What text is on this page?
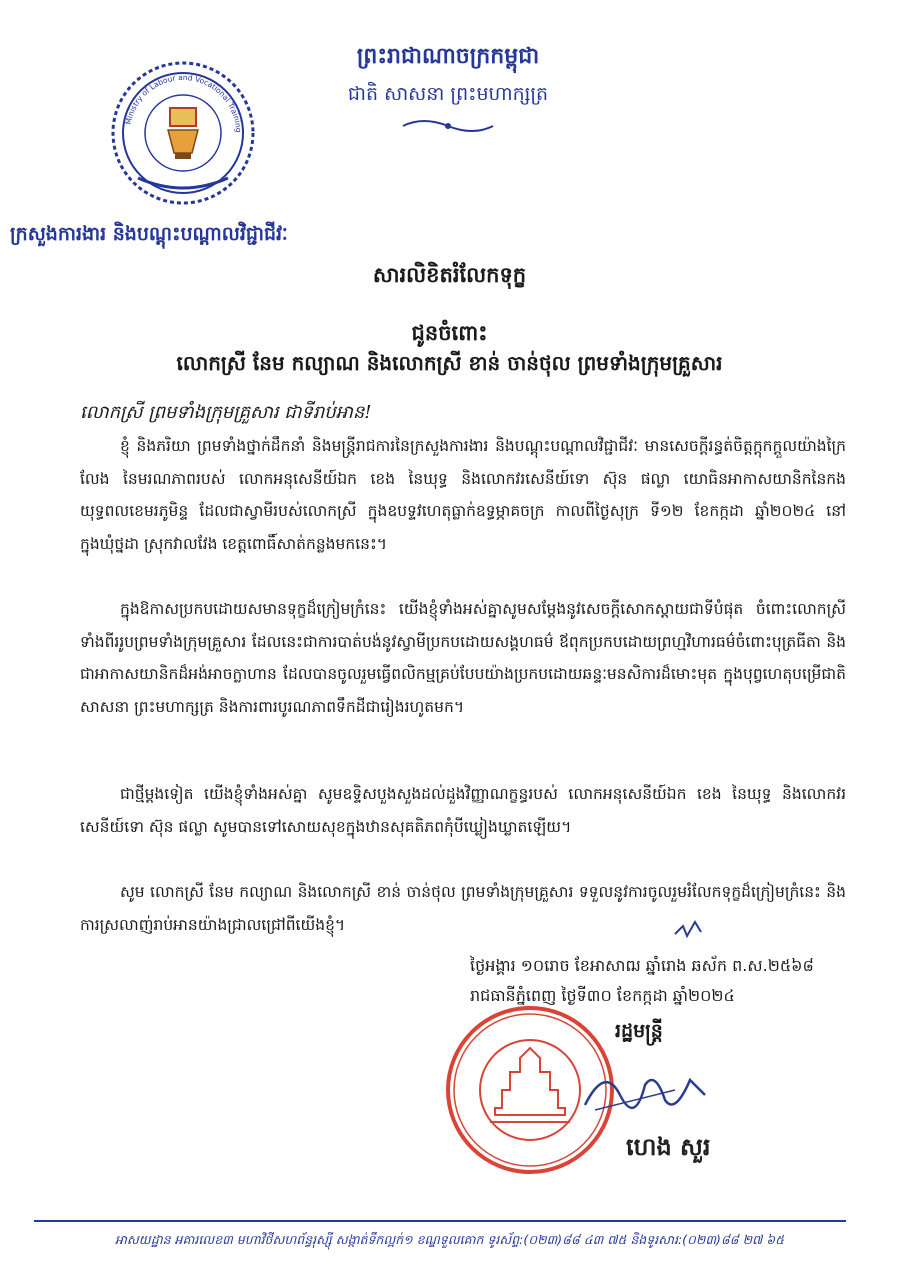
Ministry of Labour and Vocational Training
ព្រះរាជាណាចក្រកម្ពុជា
ជាតិ សាសនា ព្រះមហាក្សត្រ
ក្រសួងការងារ និងបណ្តុះបណ្តាលវិជ្ជាជីវៈ
សារលិខិតរំលែកទុក្ខ
ជូនចំពោះ
លោកស្រី នែម កល្យាណ និងលោកស្រី ខាន់ ចាន់ថុល ព្រមទាំងក្រុមគ្រួសារ
លោកស្រី ព្រមទាំងក្រុមគ្រួសារ ជាទីរាប់អាន!
ខ្ញុំ និងភរិយា ព្រមទាំងថ្នាក់ដឹកនាំ និងមន្ត្រីរាជការនៃក្រសួងការងារ និងបណ្តុះបណ្តាលវិជ្ជាជីវៈ មានសេចក្តីរន្ធត់ចិត្តក្តុកក្តួលយ៉ាងក្រៃលែង នៃមរណភាពរបស់ លោកអនុសេនីយ៍ឯក ខេង នៃឃុទ្ធ និងលោកវរសេនីយ៍ទោ ស៊ុន ផល្លា យោធិនអាកាសយានិកនៃកងយុទ្ធពលខេមរភូមិន្ទ ដែលជាស្វាមីរបស់លោកស្រី ក្នុងឧបទ្ទវហេតុធ្លាក់ឧទ្ធម្ភាគចក្រ កាលពីថ្ងៃសុក្រ ទី១២ ខែកក្កដា ឆ្នាំ២០២៤ នៅក្នុងឃុំថ្នដា ស្រុកវាលវែង ខេត្តពោធិ៍សាត់កន្លងមកនេះ។
ក្នុងឱកាសប្រកបដោយសមានទុក្ខដ៏ក្រៀមក្រំនេះ យើងខ្ញុំទាំងអស់គ្នាសូមសម្តែងនូវសេចក្តីសោកស្តាយជាទីបំផុត ចំពោះលោកស្រីទាំងពីររូបព្រមទាំងក្រុមគ្រួសារ ដែលនេះជាការបាត់បង់នូវស្វាមីប្រកបដោយសង្គហធម៌ ឪពុកប្រកបដោយព្រហ្មវិហារធម៌ចំពោះបុត្រធីតា និងជាអាកាសយានិកដ៏អង់អាចក្លាហាន ដែលបានចូលរួមធ្វើពលិកម្មគ្រប់បែបយ៉ាងប្រកបដោយឆន្ទៈមនសិការដ៏មោះមុត ក្នុងបុព្វហេតុបម្រើជាតិ សាសនា ព្រះមហាក្សត្រ និងការពារបូរណភាពទឹកដីជារៀងរហូតមក។
ជាថ្មីម្តងទៀត យើងខ្ញុំទាំងអស់គ្នា សូមឧទ្ទិសបួងសួងដល់ដួងវិញ្ញាណក្ខន្ធរបស់ លោកអនុសេនីយ៍ឯក ខេង នៃឃុទ្ធ និងលោកវរសេនីយ៍ទោ ស៊ុន ផល្លា សូមបានទៅសោយសុខក្នុងឋានសុគតិភពកុំបីឃ្លៀងឃ្លាតឡើយ។
សូម លោកស្រី នែម កល្យាណ និងលោកស្រី ខាន់ ចាន់ថុល ព្រមទាំងក្រុមគ្រួសារ ទទួលនូវការចូលរួមរំលែកទុក្ខដ៏ក្រៀមក្រំនេះ និងការស្រលាញ់រាប់អានយ៉ាងជ្រាលជ្រៅពីយើងខ្ញុំ។
ថ្ងៃអង្គារ ១០រោច ខែអាសាឍ ឆ្នាំរោង ឆស័ក ព.ស.២៥៦៨
រាជធានីភ្នំពេញ ថ្ងៃទី៣០ ខែកក្កដា ឆ្នាំ២០២៤
រដ្ឋមន្ត្រី
ហេង សួរ
អាសយដ្ឋាន អគារលេខ៣ មហាវិថីសហព័ន្ធរុស្ស៊ី សង្កាត់ទឹកល្អក់១ ខណ្ឌទួលគោក ទូរស័ព្ទ:(០២៣)៨៨ ៤៣ ៧៥ និងទូរសារ:(០២៣)៨៨ ២៧ ៦៥
